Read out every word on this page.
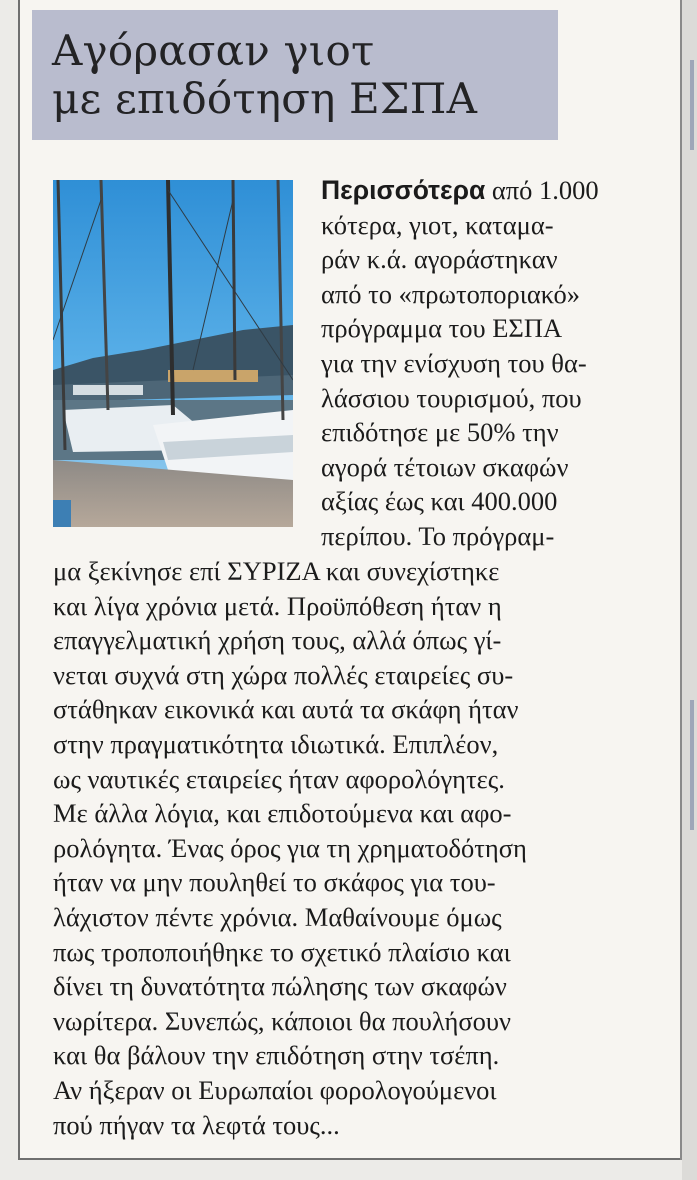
Αγόρασαν γιοτ
με επιδότηση ΕΣΠΑ
Περισσότερα από 1.000
κότερα, γιοτ, καταμα-
ράν κ.ά. αγοράστηκαν
από το «πρωτοποριακό»
πρόγραμμα του ΕΣΠΑ
για την ενίσχυση του θα-
λάσσιου τουρισμού, που
επιδότησε με 50% την
αγορά τέτοιων σκαφών
αξίας έως και 400.000
περίπου. Το πρόγραμ-
μα ξεκίνησε επί ΣΥΡΙΖΑ και συνεχίστηκε
και λίγα χρόνια μετά. Προϋπόθεση ήταν η
επαγγελματική χρήση τους, αλλά όπως γί-
νεται συχνά στη χώρα πολλές εταιρείες συ-
στάθηκαν εικονικά και αυτά τα σκάφη ήταν
στην πραγματικότητα ιδιωτικά. Επιπλέον,
ως ναυτικές εταιρείες ήταν αφορολόγητες.
Με άλλα λόγια, και επιδοτούμενα και αφο-
ρολόγητα. Ένας όρος για τη χρηματοδότηση
ήταν να μην πουληθεί το σκάφος για του-
λάχιστον πέντε χρόνια. Μαθαίνουμε όμως
πως τροποποιήθηκε το σχετικό πλαίσιο και
δίνει τη δυνατότητα πώλησης των σκαφών
νωρίτερα. Συνεπώς, κάποιοι θα πουλήσουν
και θα βάλουν την επιδότηση στην τσέπη.
Αν ήξεραν οι Ευρωπαίοι φορολογούμενοι
πού πήγαν τα λεφτά τους...
